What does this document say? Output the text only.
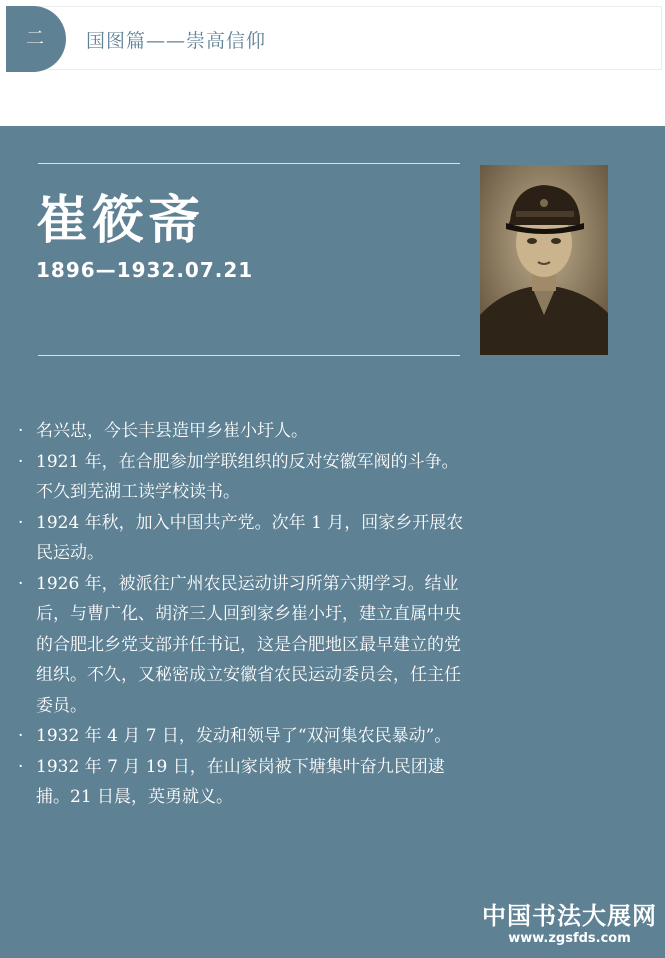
二	国图篇——崇高信仰
崔筱斋
1896—1932.07.21
· 名兴忠，今长丰县造甲乡崔小圩人。
· 1921 年，在合肥参加学联组织的反对安徽军阀的斗争。不久到芜湖工读学校读书。
· 1924 年秋，加入中国共产党。次年 1 月，回家乡开展农民运动。
· 1926 年，被派往广州农民运动讲习所第六期学习。结业后，与曹广化、胡济三人回到家乡崔小圩，建立直属中央的合肥北乡党支部并任书记，这是合肥地区最早建立的党组织。不久，又秘密成立安徽省农民运动委员会，任主任委员。
· 1932 年 4 月 7 日，发动和领导了“双河集农民暴动”。
· 1932 年 7 月 19 日，在山家岗被下塘集叶奋九民团逮捕。21 日晨，英勇就义。
中国书法大展网
www.zgsfds.com
